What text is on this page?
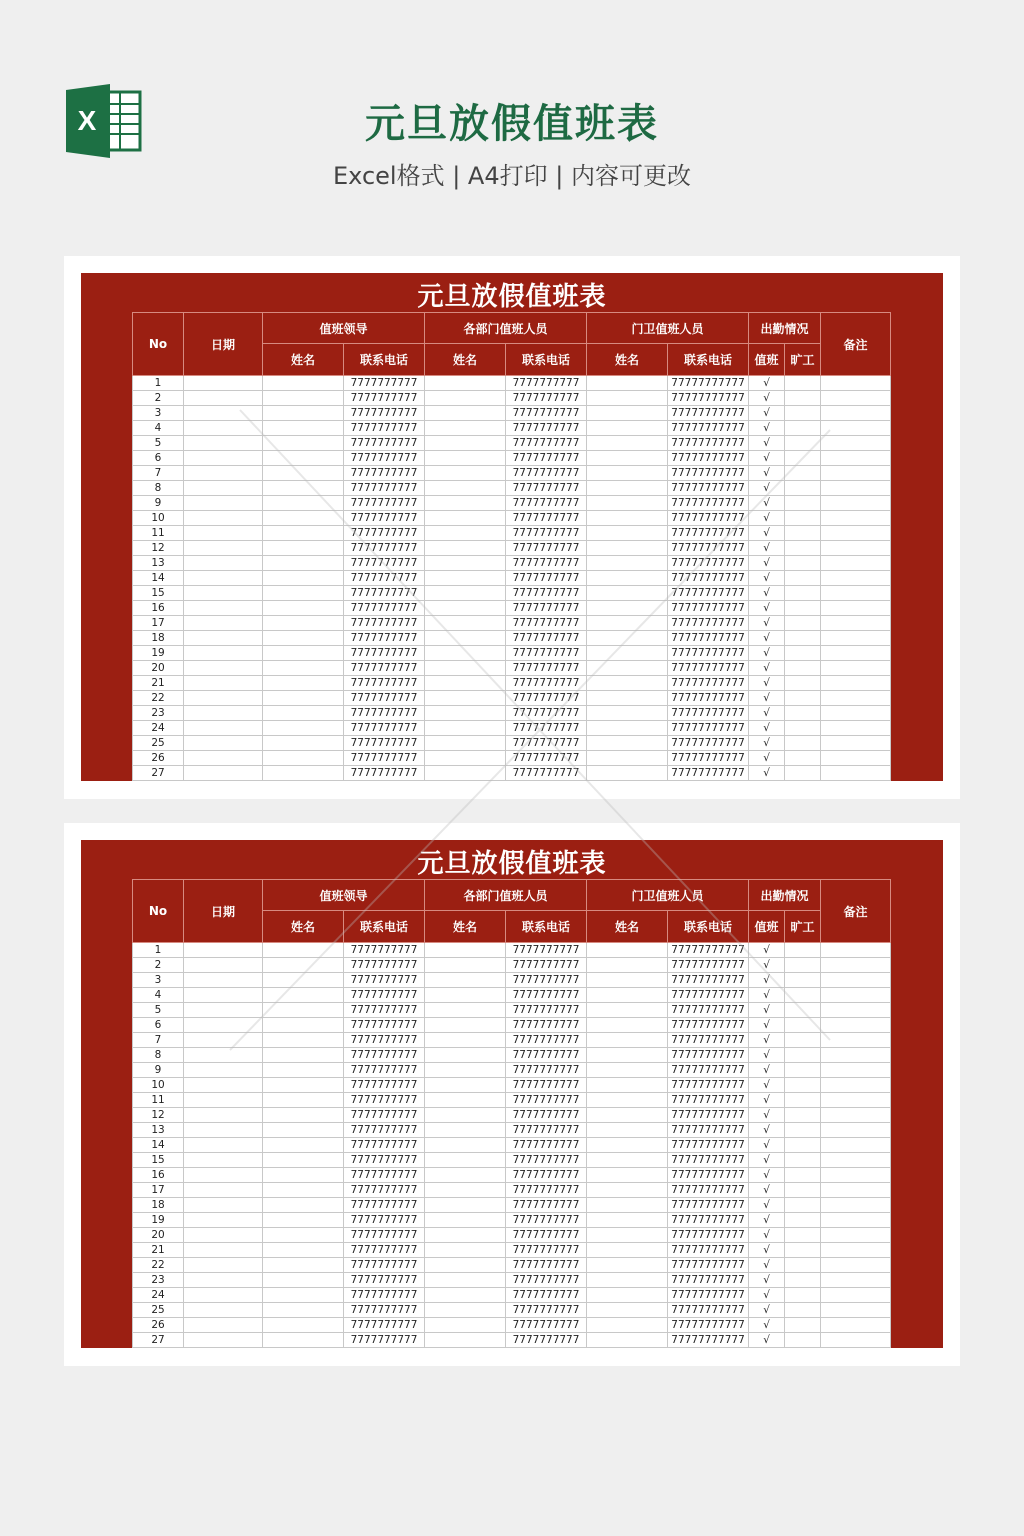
X	元旦放假值班表
Excel格式 | A4打印 | 内容可更改
元旦放假值班表
No	日期	值班领导		各部门值班人员		门卫值班人员		出勤情况		备注
		姓名	联系电话	姓名	联系电话	姓名	联系电话	值班	旷工	
1			7777777777		7777777777		77777777777	√		
2			7777777777		7777777777		77777777777	√		
3			7777777777		7777777777		77777777777	√		
4			7777777777		7777777777		77777777777	√		
5			7777777777		7777777777		77777777777	√		
6			7777777777		7777777777		77777777777	√		
7			7777777777		7777777777		77777777777	√		
8			7777777777		7777777777		77777777777	√		
9			7777777777		7777777777		77777777777	√		
10			7777777777		7777777777		77777777777	√		
11			7777777777		7777777777		77777777777	√		
12			7777777777		7777777777		77777777777	√		
13			7777777777		7777777777		77777777777	√		
14			7777777777		7777777777		77777777777	√		
15			7777777777		7777777777		77777777777	√		
16			7777777777		7777777777		77777777777	√		
17			7777777777		7777777777		77777777777	√		
18			7777777777		7777777777		77777777777	√		
19			7777777777		7777777777		77777777777	√		
20			7777777777		7777777777		77777777777	√		
21			7777777777		7777777777		77777777777	√		
22			7777777777		7777777777		77777777777	√		
23			7777777777		7777777777		77777777777	√		
24			7777777777		7777777777		77777777777	√		
25			7777777777		7777777777		77777777777	√		
26			7777777777		7777777777		77777777777	√		
27			7777777777		7777777777		77777777777	√		
元旦放假值班表
No	日期	值班领导		各部门值班人员		门卫值班人员		出勤情况		备注
		姓名	联系电话	姓名	联系电话	姓名	联系电话	值班	旷工	
1			7777777777		7777777777		77777777777	√		
2			7777777777		7777777777		77777777777	√		
3			7777777777		7777777777		77777777777	√		
4			7777777777		7777777777		77777777777	√		
5			7777777777		7777777777		77777777777	√		
6			7777777777		7777777777		77777777777	√		
7			7777777777		7777777777		77777777777	√		
8			7777777777		7777777777		77777777777	√		
9			7777777777		7777777777		77777777777	√		
10			7777777777		7777777777		77777777777	√		
11			7777777777		7777777777		77777777777	√		
12			7777777777		7777777777		77777777777	√		
13			7777777777		7777777777		77777777777	√		
14			7777777777		7777777777		77777777777	√		
15			7777777777		7777777777		77777777777	√		
16			7777777777		7777777777		77777777777	√		
17			7777777777		7777777777		77777777777	√		
18			7777777777		7777777777		77777777777	√		
19			7777777777		7777777777		77777777777	√		
20			7777777777		7777777777		77777777777	√		
21			7777777777		7777777777		77777777777	√		
22			7777777777		7777777777		77777777777	√		
23			7777777777		7777777777		77777777777	√		
24			7777777777		7777777777		77777777777	√		
25			7777777777		7777777777		77777777777	√		
26			7777777777		7777777777		77777777777	√		
27			7777777777		7777777777		77777777777	√		
